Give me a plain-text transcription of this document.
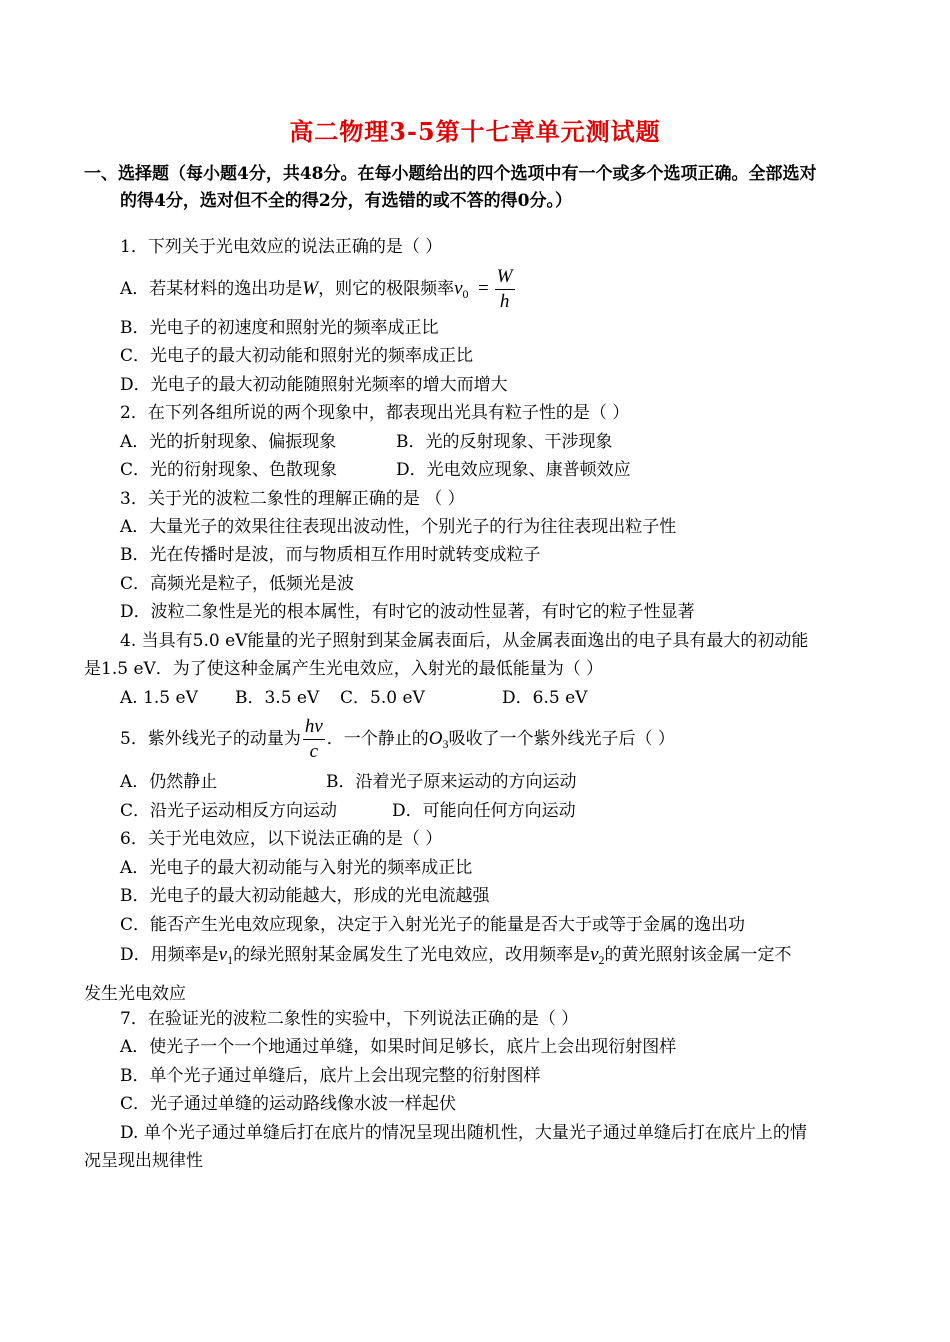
高二物理3-5第十七章单元测试题
一、选择题（每小题4分，共48分。在每小题给出的四个选项中有一个或多个选项正确。全部选对
的得4分，选对但不全的得2分，有选错的或不答的得0分。）
1．下列关于光电效应的说法正确的是（ ）
A．若某材料的逸出功是W，则它的极限频率$v_0 = \frac{W}{h}$
B．光电子的初速度和照射光的频率成正比
C．光电子的最大初动能和照射光的频率成正比
D．光电子的最大初动能随照射光频率的增大而增大
2．在下列各组所说的两个现象中，都表现出光具有粒子性的是（ ）
A．光的折射现象、偏振现象	B．光的反射现象、干涉现象
C．光的衍射现象、色散现象	D．光电效应现象、康普顿效应
3．关于光的波粒二象性的理解正确的是 （ ）
A．大量光子的效果往往表现出波动性，个别光子的行为往往表现出粒子性
B．光在传播时是波，而与物质相互作用时就转变成粒子
C．高频光是粒子，低频光是波
D．波粒二象性是光的根本属性，有时它的波动性显著，有时它的粒子性显著
4. 当具有5.0 eV能量的光子照射到某金属表面后，从金属表面逸出的电子具有最大的初动能
是1.5 eV．为了使这种金属产生光电效应，入射光的最低能量为（ ）
A. 1.5 eV B．3.5 eV C．5.0 eV	D．6.5 eV
5．紫外线光子的动量为 $\frac{h\nu}{c}$ ．一个静止的$O_3$吸收了一个紫外线光子后（ ）
A．仍然静止	B．沿着光子原来运动的方向运动
C．沿光子运动相反方向运动	D．可能向任何方向运动
6．关于光电效应，以下说法正确的是（ ）
A．光电子的最大初动能与入射光的频率成正比
B．光电子的最大初动能越大，形成的光电流越强
C．能否产生光电效应现象，决定于入射光光子的能量是否大于或等于金属的逸出功
D．用频率是$v_1$的绿光照射某金属发生了光电效应，改用频率是$v_2$的黄光照射该金属一定不
发生光电效应
7．在验证光的波粒二象性的实验中，下列说法正确的是（ ）
A．使光子一个一个地通过单缝，如果时间足够长，底片上会出现衍射图样
B．单个光子通过单缝后，底片上会出现完整的衍射图样
C．光子通过单缝的运动路线像水波一样起伏
D. 单个光子通过单缝后打在底片的情况呈现出随机性，大量光子通过单缝后打在底片上的情
况呈现出规律性
